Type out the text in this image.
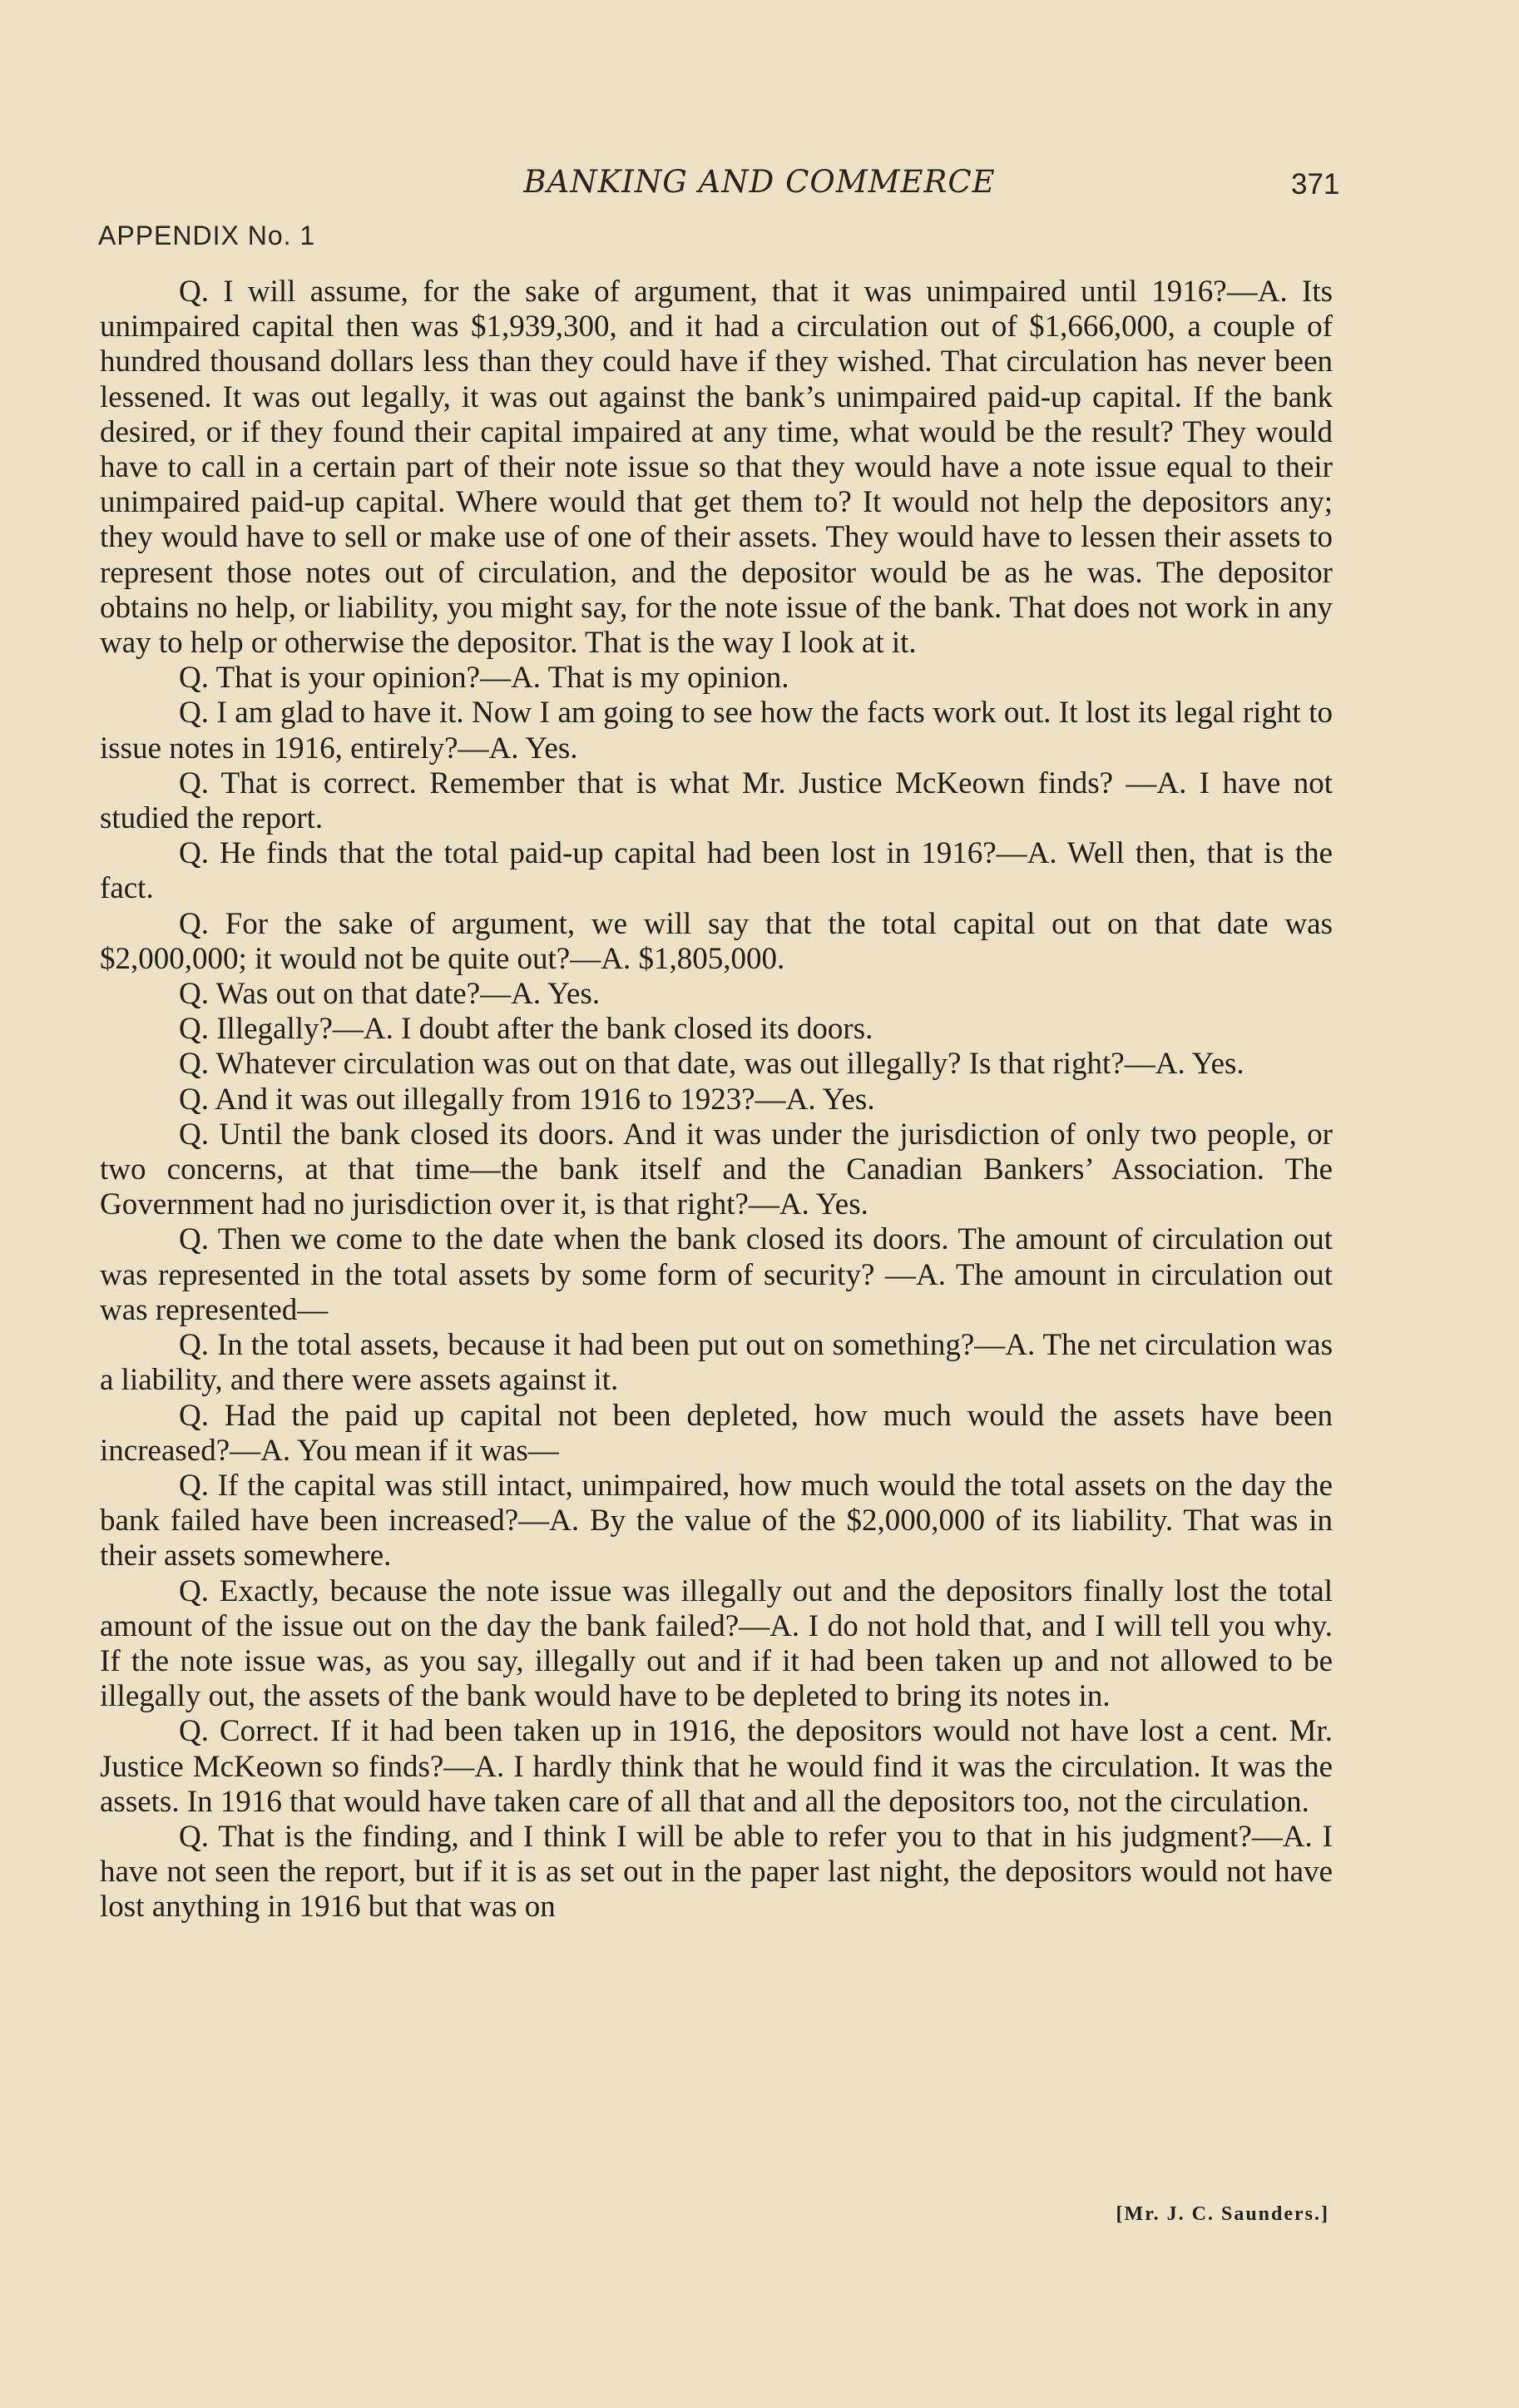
BANKING AND COMMERCE	371
APPENDIX No. 1

Q. I will assume, for the sake of argument, that it was unimpaired until 1916?—A. Its unimpaired capital then was $1,939,300, and it had a circulation out of $1,666,000, a couple of hundred thousand dollars less than they could have if they wished. That circulation has never been lessened. It was out legally, it was out against the bank’s unimpaired paid-up capital. If the bank desired, or if they found their capital impaired at any time, what would be the result? They would have to call in a certain part of their note issue so that they would have a note issue equal to their unimpaired paid-up capital. Where would that get them to? It would not help the depositors any; they would have to sell or make use of one of their assets. They would have to lessen their assets to represent those notes out of circulation, and the depositor would be as he was. The depositor obtains no help, or liability, you might say, for the note issue of the bank. That does not work in any way to help or otherwise the depositor. That is the way I look at it.

Q. That is your opinion?—A. That is my opinion.

Q. I am glad to have it. Now I am going to see how the facts work out. It lost its legal right to issue notes in 1916, entirely?—A. Yes.

Q. That is correct. Remember that is what Mr. Justice McKeown finds? —A. I have not studied the report.

Q. He finds that the total paid-up capital had been lost in 1916?—A. Well then, that is the fact.

Q. For the sake of argument, we will say that the total capital out on that date was $2,000,000; it would not be quite out?—A. $1,805,000.

Q. Was out on that date?—A. Yes.

Q. Illegally?—A. I doubt after the bank closed its doors.

Q. Whatever circulation was out on that date, was out illegally? Is that right?—A. Yes.

Q. And it was out illegally from 1916 to 1923?—A. Yes.

Q. Until the bank closed its doors. And it was under the jurisdiction of only two people, or two concerns, at that time—the bank itself and the Canadian Bankers’ Association. The Government had no jurisdiction over it, is that right?—A. Yes.

Q. Then we come to the date when the bank closed its doors. The amount of circulation out was represented in the total assets by some form of security? —A. The amount in circulation out was represented—

Q. In the total assets, because it had been put out on something?—A. The net circulation was a liability, and there were assets against it.

Q. Had the paid up capital not been depleted, how much would the assets have been increased?—A. You mean if it was—

Q. If the capital was still intact, unimpaired, how much would the total assets on the day the bank failed have been increased?—A. By the value of the $2,000,000 of its liability. That was in their assets somewhere.

Q. Exactly, because the note issue was illegally out and the depositors finally lost the total amount of the issue out on the day the bank failed?—A. I do not hold that, and I will tell you why. If the note issue was, as you say, illegally out and if it had been taken up and not allowed to be illegally out, the assets of the bank would have to be depleted to bring its notes in.

Q. Correct. If it had been taken up in 1916, the depositors would not have lost a cent. Mr. Justice McKeown so finds?—A. I hardly think that he would find it was the circulation. It was the assets. In 1916 that would have taken care of all that and all the depositors too, not the circulation.

Q. That is the finding, and I think I will be able to refer you to that in his judgment?—A. I have not seen the report, but if it is as set out in the paper last night, the depositors would not have lost anything in 1916 but that was on

[Mr. J. C. Saunders.]
